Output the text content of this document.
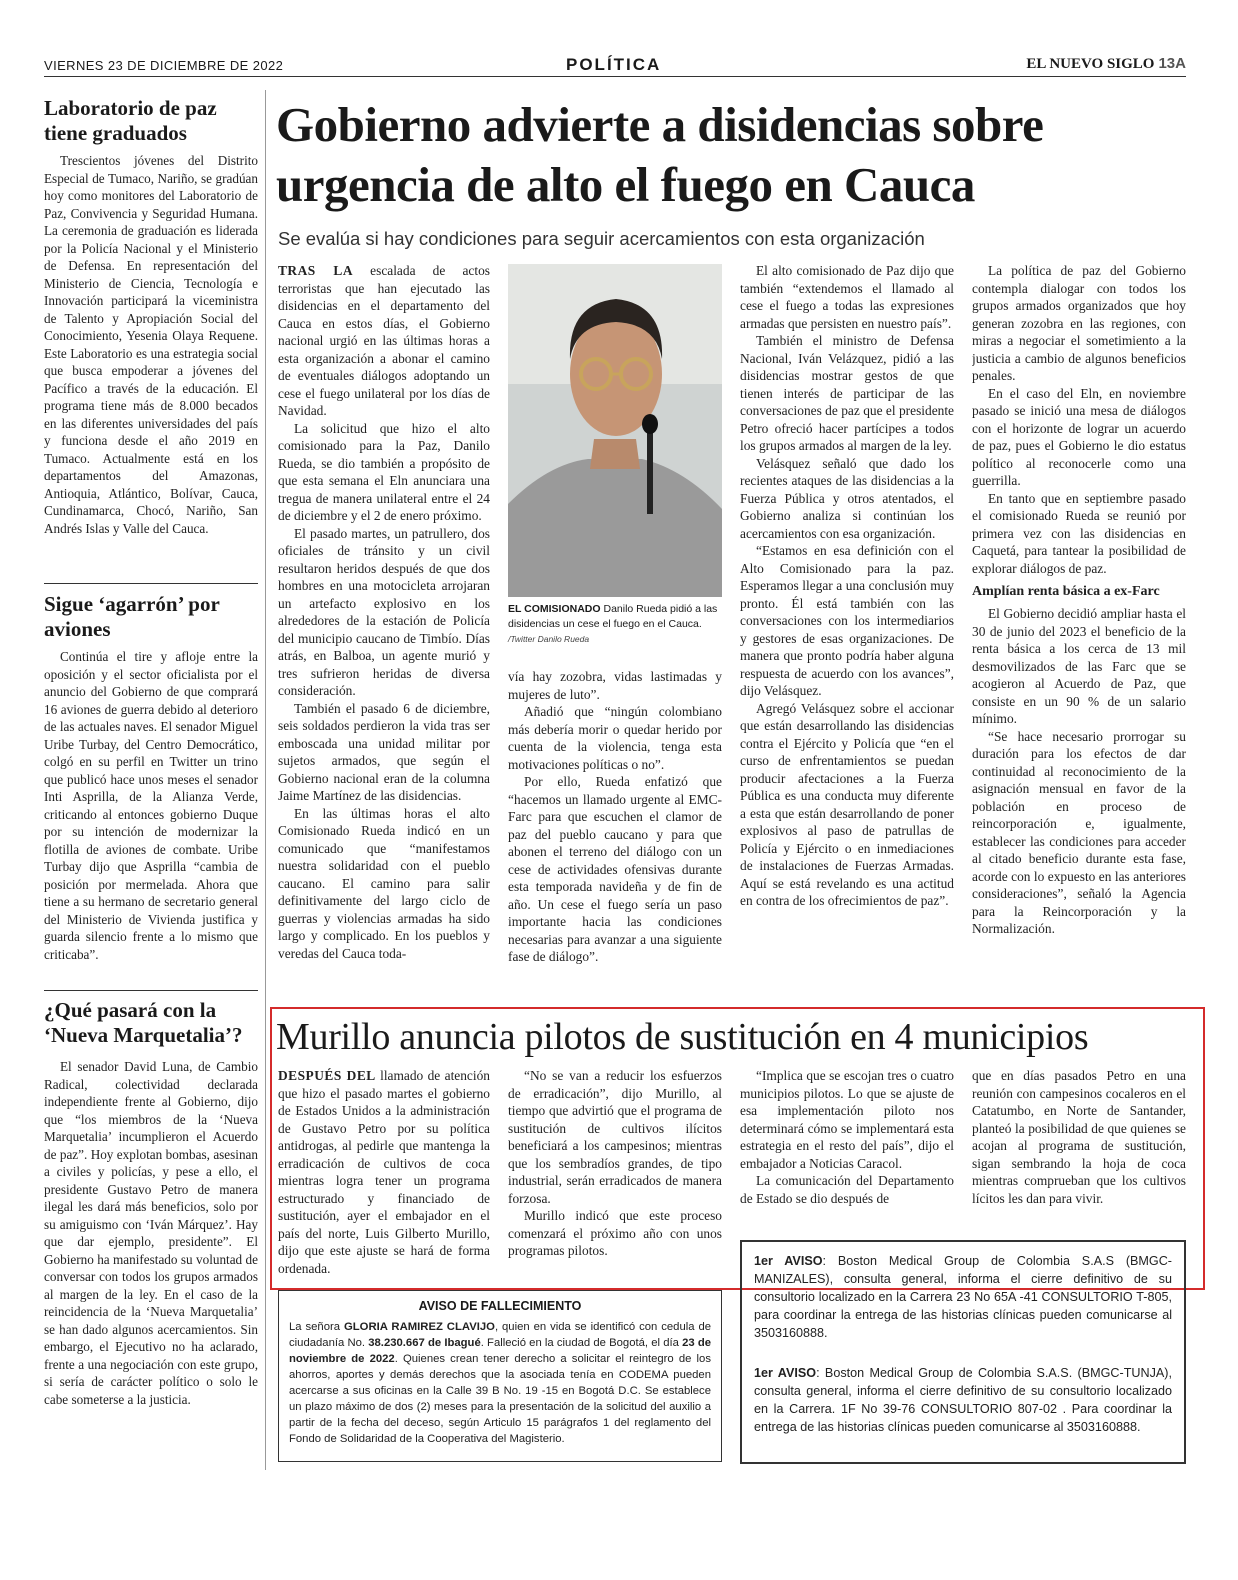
VIERNES 23 DE DICIEMBRE DE 2022	POLÍTICA	EL NUEVO SIGLO 13A
Laboratorio de paz tiene graduados
Trescientos jóvenes del Distrito Especial de Tumaco, Nariño, se gradúan hoy como monitores del Laboratorio de Paz, Convivencia y Seguridad Humana. La ceremonia de graduación es liderada por la Policía Nacional y el Ministerio de Defensa. En representación del Ministerio de Ciencia, Tecnología e Innovación participará la viceministra de Talento y Apropiación Social del Conocimiento, Yesenia Olaya Requene. Este Laboratorio es una estrategia social que busca empoderar a jóvenes del Pacífico a través de la educación. El programa tiene más de 8.000 becados en las diferentes universidades del país y funciona desde el año 2019 en Tumaco. Actualmente está en los departamentos del Amazonas, Antioquia, Atlántico, Bolívar, Cauca, Cundinamarca, Chocó, Nariño, San Andrés Islas y Valle del Cauca.
Sigue ‘agarrón’ por aviones
Continúa el tire y afloje entre la oposición y el sector oficialista por el anuncio del Gobierno de que comprará 16 aviones de guerra debido al deterioro de las actuales naves. El senador Miguel Uribe Turbay, del Centro Democrático, colgó en su perfil en Twitter un trino que publicó hace unos meses el senador Inti Asprilla, de la Alianza Verde, criticando al entonces gobierno Duque por su intención de modernizar la flotilla de aviones de combate. Uribe Turbay dijo que Asprilla “cambia de posición por mermelada. Ahora que tiene a su hermano de secretario general del Ministerio de Vivienda justifica y guarda silencio frente a lo mismo que criticaba”.
¿Qué pasará con la ‘Nueva Marquetalia’?
El senador David Luna, de Cambio Radical, colectividad declarada independiente frente al Gobierno, dijo que “los miembros de la ‘Nueva Marquetalia’ incumplieron el Acuerdo de paz”. Hoy explotan bombas, asesinan a civiles y policías, y pese a ello, el presidente Gustavo Petro de manera ilegal les dará más beneficios, solo por su amiguismo con ‘Iván Márquez’. Hay que dar ejemplo, presidente”. El Gobierno ha manifestado su voluntad de conversar con todos los grupos armados al margen de la ley. En el caso de la reincidencia de la ‘Nueva Marquetalia’ se han dado algunos acercamientos. Sin embargo, el Ejecutivo no ha aclarado, frente a una negociación con este grupo, si sería de carácter político o solo le cabe someterse a la justicia.
Gobierno advierte a disidencias sobre urgencia de alto el fuego en Cauca
Se evalúa si hay condiciones para seguir acercamientos con esta organización

TRAS LA escalada de actos terroristas que han ejecutado las disidencias en el departamento del Cauca en estos días, el Gobierno nacional urgió en las últimas horas a esta organización a abonar el camino de eventuales diálogos adoptando un cese el fuego unilateral por los días de Navidad.

La solicitud que hizo el alto comisionado para la Paz, Danilo Rueda, se dio también a propósito de que esta semana el Eln anunciara una tregua de manera unilateral entre el 24 de diciembre y el 2 de enero próximo.

El pasado martes, un patrullero, dos oficiales de tránsito y un civil resultaron heridos después de que dos hombres en una motocicleta arrojaran un artefacto explosivo en los alrededores de la estación de Policía del municipio caucano de Timbío. Días atrás, en Balboa, un agente murió y tres sufrieron heridas de diversa consideración.

También el pasado 6 de diciembre, seis soldados perdieron la vida tras ser emboscada una unidad militar por sujetos armados, que según el Gobierno nacional eran de la columna Jaime Martínez de las disidencias.

En las últimas horas el alto Comisionado Rueda indicó en un comunicado que “manifestamos nuestra solidaridad con el pueblo caucano. El camino para salir definitivamente del largo ciclo de guerras y violencias armadas ha sido largo y complicado. En los pueblos y veredas del Cauca toda-

EL COMISIONADO Danilo Rueda pidió a las disidencias un cese el fuego en el Cauca. /Twitter Danilo Rueda

vía hay zozobra, vidas lastimadas y mujeres de luto”.

Añadió que “ningún colombiano más debería morir o quedar herido por cuenta de la violencia, tenga esta motivaciones políticas o no”.

Por ello, Rueda enfatizó que “hacemos un llamado urgente al EMC-Farc para que escuchen el clamor de paz del pueblo caucano y para que abonen el terreno del diálogo con un cese de actividades ofensivas durante esta temporada navideña y de fin de año. Un cese el fuego sería un paso importante hacia las condiciones necesarias para avanzar a una siguiente fase de diálogo”.

El alto comisionado de Paz dijo que también “extendemos el llamado al cese el fuego a todas las expresiones armadas que persisten en nuestro país”.

También el ministro de Defensa Nacional, Iván Velázquez, pidió a las disidencias mostrar gestos de que tienen interés de participar de las conversaciones de paz que el presidente Petro ofreció hacer partícipes a todos los grupos armados al margen de la ley.

Velásquez señaló que dado los recientes ataques de las disidencias a la Fuerza Pública y otros atentados, el Gobierno analiza si continúan los acercamientos con esa organización.

“Estamos en esa definición con el Alto Comisionado para la paz. Esperamos llegar a una conclusión muy pronto. Él está también con las conversaciones con los intermediarios y gestores de esas organizaciones. De manera que pronto podría haber alguna respuesta de acuerdo con los avances”, dijo Velásquez.

Agregó Velásquez sobre el accionar que están desarrollando las disidencias contra el Ejército y Policía que “en el curso de enfrentamientos se puedan producir afectaciones a la Fuerza Pública es una conducta muy diferente a esta que están desarrollando de poner explosivos al paso de patrullas de Policía y Ejército o en inmediaciones de instalaciones de Fuerzas Armadas. Aquí se está revelando es una actitud en contra de los ofrecimientos de paz”.

La política de paz del Gobierno contempla dialogar con todos los grupos armados organizados que hoy generan zozobra en las regiones, con miras a negociar el sometimiento a la justicia a cambio de algunos beneficios penales.

En el caso del Eln, en noviembre pasado se inició una mesa de diálogos con el horizonte de lograr un acuerdo de paz, pues el Gobierno le dio estatus político al reconocerle como una guerrilla.

En tanto que en septiembre pasado el comisionado Rueda se reunió por primera vez con las disidencias en Caquetá, para tantear la posibilidad de explorar diálogos de paz.

Amplían renta básica a ex-Farc

El Gobierno decidió ampliar hasta el 30 de junio del 2023 el beneficio de la renta básica a los cerca de 13 mil desmovilizados de las Farc que se acogieron al Acuerdo de Paz, que consiste en un 90 % de un salario mínimo.

“Se hace necesario prorrogar su duración para los efectos de dar continuidad al reconocimiento de la asignación mensual en favor de la población en proceso de reincorporación e, igualmente, establecer las condiciones para acceder al citado beneficio durante esta fase, acorde con lo expuesto en las anteriores consideraciones”, señaló la Agencia para la Reincorporación y la Normalización.

Murillo anuncia pilotos de sustitución en 4 municipios

DESPUÉS DEL llamado de atención que hizo el pasado martes el gobierno de Estados Unidos a la administración de Gustavo Petro por su política antidrogas, al pedirle que mantenga la erradicación de cultivos de coca mientras logra tener un programa estructurado y financiado de sustitución, ayer el embajador en el país del norte, Luis Gilberto Murillo, dijo que este ajuste se hará de forma ordenada.

“No se van a reducir los esfuerzos de erradicación”, dijo Murillo, al tiempo que advirtió que el programa de sustitución de cultivos ilícitos beneficiará a los campesinos; mientras que los sembradíos grandes, de tipo industrial, serán erradicados de manera forzosa.

Murillo indicó que este proceso comenzará el próximo año con unos programas pilotos.

“Implica que se escojan tres o cuatro municipios pilotos. Lo que se ajuste de esa implementación piloto nos determinará cómo se implementará esta estrategia en el resto del país”, dijo el embajador a Noticias Caracol.

La comunicación del Departamento de Estado se dio después de

que en días pasados Petro en una reunión con campesinos cocaleros en el Catatumbo, en Norte de Santander, planteó la posibilidad de que quienes se acojan al programa de sustitución, sigan sembrando la hoja de coca mientras comprueban que los cultivos lícitos les dan para vivir.

AVISO DE FALLECIMIENTO
La señora GLORIA RAMIREZ CLAVIJO, quien en vida se identificó con cedula de ciudadanía No. 38.230.667 de Ibagué. Falleció en la ciudad de Bogotá, el día 23 de noviembre de 2022. Quienes crean tener derecho a solicitar el reintegro de los ahorros, aportes y demás derechos que la asociada tenía en CODEMA pueden acercarse a sus oficinas en la Calle 39 B No. 19 -15 en Bogotá D.C. Se establece un plazo máximo de dos (2) meses para la presentación de la solicitud del auxilio a partir de la fecha del deceso, según Articulo 15 parágrafos 1 del reglamento del Fondo de Solidaridad de la Cooperativa del Magisterio.
1er AVISO: Boston Medical Group de Colombia S.A.S (BMGC-MANIZALES), consulta general, informa el cierre definitivo de su consultorio localizado en la Carrera 23 No 65A -41 CONSULTORIO T-805, para coordinar la entrega de las historias clínicas pueden comunicarse al 3503160888.
1er AVISO: Boston Medical Group de Colombia S.A.S. (BMGC-TUNJA), consulta general, informa el cierre definitivo de su consultorio localizado en la Carrera. 1F No 39-76 CONSULTORIO 807-02 . Para coordinar la entrega de las historias clínicas pueden comunicarse al 3503160888.
